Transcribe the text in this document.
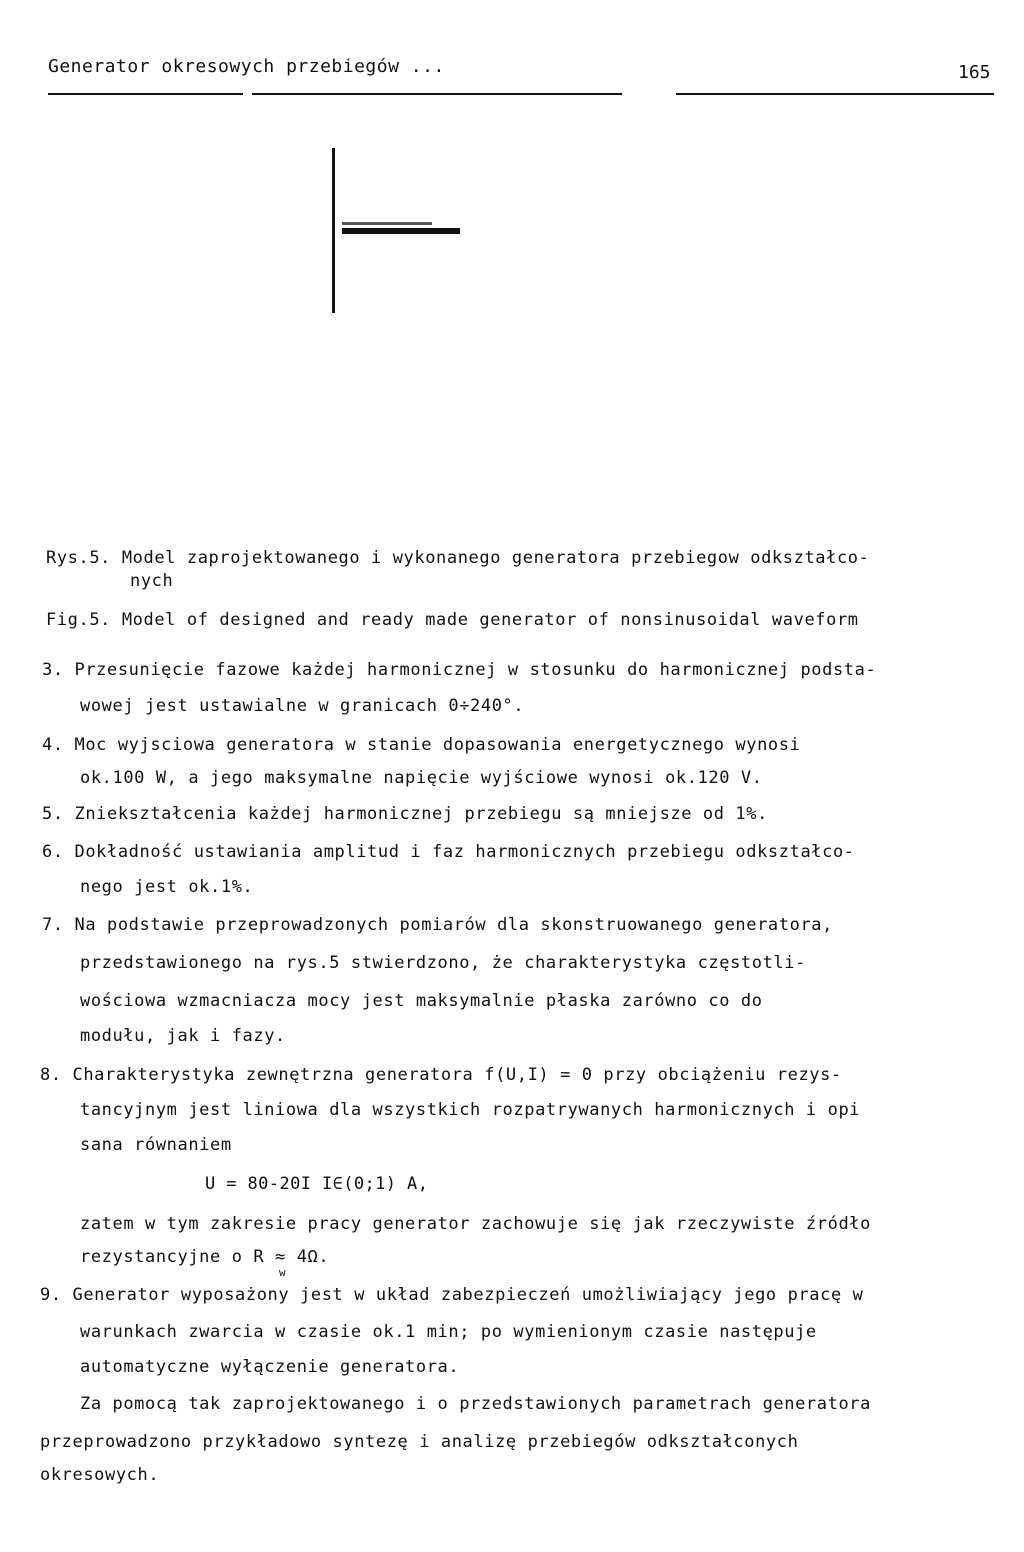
Generator okresowych przebiegów ...	165
Rys.5. Model zaprojektowanego i wykonanego generatora przebiegow odkształco-
nych
Fig.5. Model of designed and ready made generator of nonsinusoidal waveform
3. Przesunięcie fazowe każdej harmonicznej w stosunku do harmonicznej podsta-
wowej jest ustawialne w granicach 0÷240°.
4. Moc wyjsciowa generatora w stanie dopasowania energetycznego wynosi
ok.100 W, a jego maksymalne napięcie wyjściowe wynosi ok.120 V.
5. Zniekształcenia każdej harmonicznej przebiegu są mniejsze od 1%.
6. Dokładność ustawiania amplitud i faz harmonicznych przebiegu odkształco-
nego jest ok.1%.
7. Na podstawie przeprowadzonych pomiarów dla skonstruowanego generatora,
przedstawionego na rys.5 stwierdzono, że charakterystyka częstotli-
wościowa wzmacniacza mocy jest maksymalnie płaska zarówno co do
modułu, jak i fazy.
8. Charakterystyka zewnętrzna generatora f(U,I) = 0 przy obciążeniu rezys-
tancyjnym jest liniowa dla wszystkich rozpatrywanych harmonicznych i opi
sana równaniem
U = 80-20I I∈(0;1) A,
zatem w tym zakresie pracy generator zachowuje się jak rzeczywiste źródło
rezystancyjne o R ≈ 4Ω.
w
9. Generator wyposażony jest w układ zabezpieczeń umożliwiający jego pracę w
warunkach zwarcia w czasie ok.1 min; po wymienionym czasie następuje
automatyczne wyłączenie generatora.
Za pomocą tak zaprojektowanego i o przedstawionych parametrach generatora
przeprowadzono przykładowo syntezę i analizę przebiegów odkształconych
okresowych.
